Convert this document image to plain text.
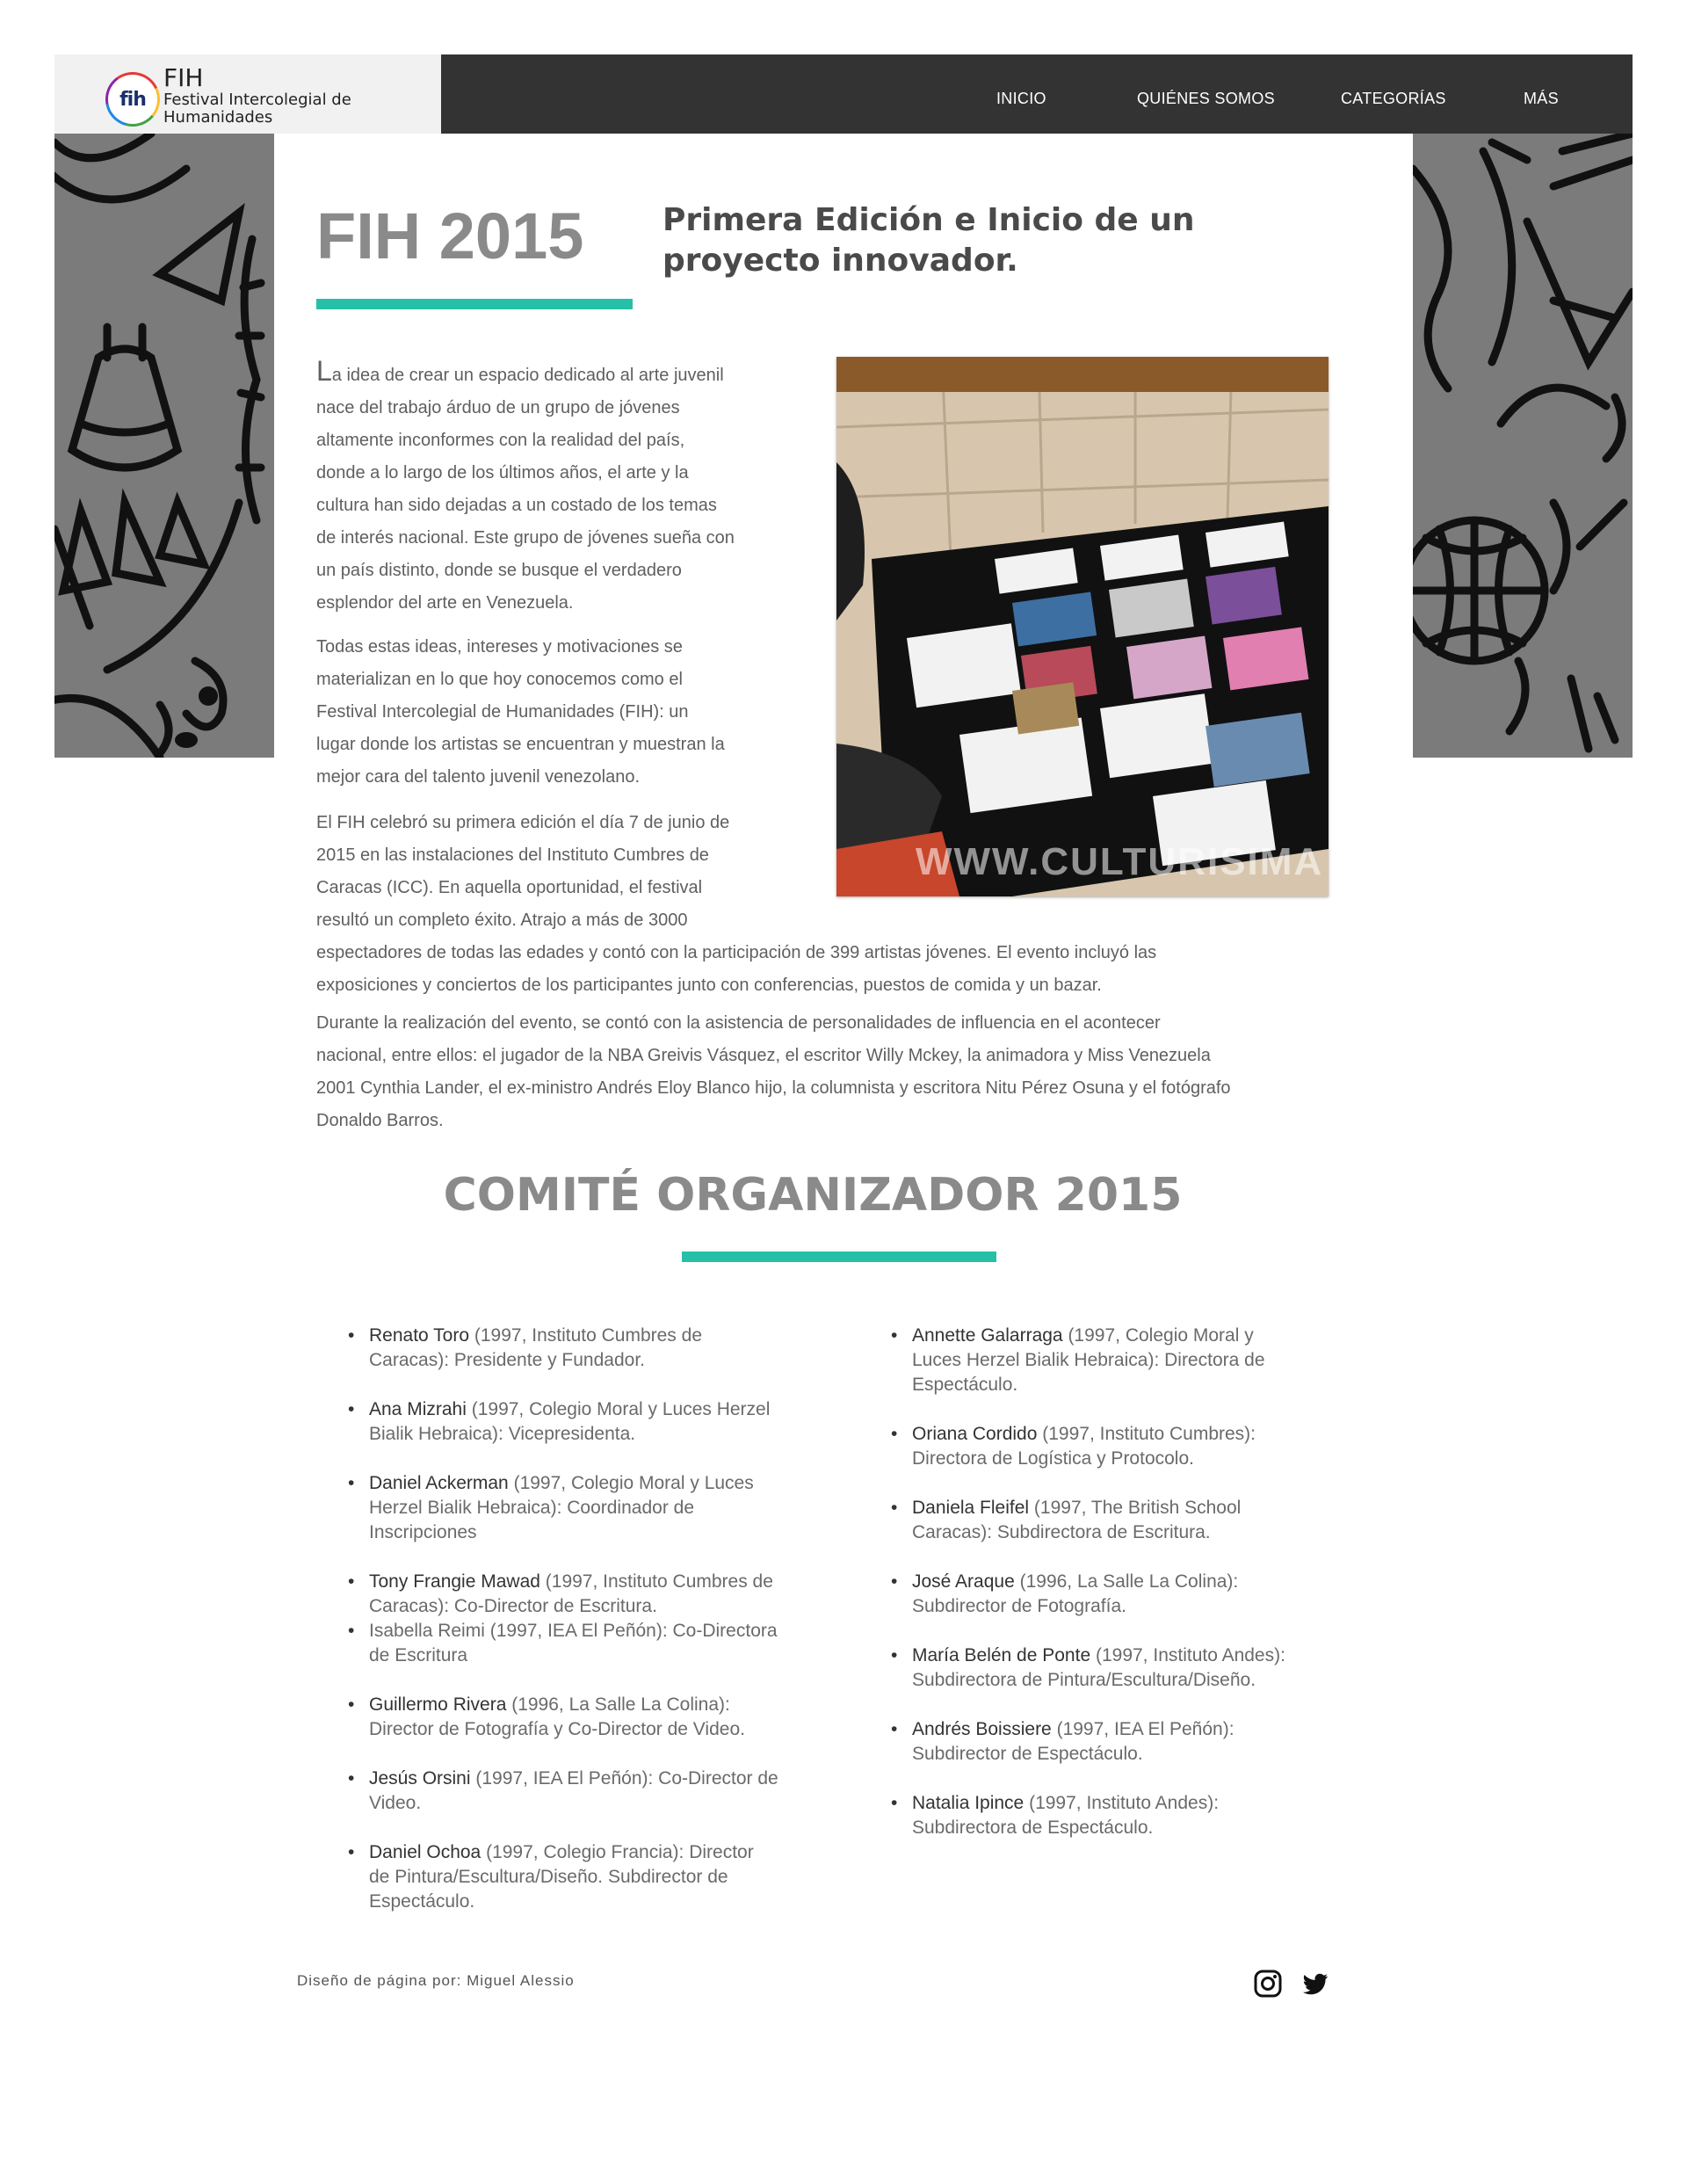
fih
FIH
Festival Intercolegial de Humanidades
INICIO	QUIÉNES SOMOS	CATEGORÍAS	MÁS
FIH 2015 Primera Edición e Inicio de un proyecto innovador.
La idea de crear un espacio dedicado al arte juvenil
nace del trabajo árduo de un grupo de jóvenes
altamente inconformes con la realidad del país,
donde a lo largo de los últimos años, el arte y la
cultura han sido dejadas a un costado de los temas
de interés nacional. Este grupo de jóvenes sueña con
un país distinto, donde se busque el verdadero
esplendor del arte en Venezuela.
Todas estas ideas, intereses y motivaciones se
materializan en lo que hoy conocemos como el
Festival Intercolegial de Humanidades (FIH): un
lugar donde los artistas se encuentran y muestran la
mejor cara del talento juvenil venezolano.
El FIH celebró su primera edición el día 7 de junio de
2015 en las instalaciones del Instituto Cumbres de
Caracas (ICC). En aquella oportunidad, el festival
resultó un completo éxito. Atrajo a más de 3000
espectadores de todas las edades y contó con la participación de 399 artistas jóvenes. El evento incluyó las
exposiciones y conciertos de los participantes junto con conferencias, puestos de comida y un bazar.
Durante la realización del evento, se contó con la asistencia de personalidades de influencia en el acontecer
nacional, entre ellos: el jugador de la NBA Greivis Vásquez, el escritor Willy Mckey, la animadora y Miss Venezuela
2001 Cynthia Lander, el ex-ministro Andrés Eloy Blanco hijo, la columnista y escritora Nitu Pérez Osuna y el fotógrafo
Donaldo Barros.
WWW.CULTURISIMA
COMITÉ ORGANIZADOR 2015
• Renato Toro (1997, Instituto Cumbres de
Caracas): Presidente y Fundador.
• Ana Mizrahi (1997, Colegio Moral y Luces Herzel
Bialik Hebraica): Vicepresidenta.
• Daniel Ackerman (1997, Colegio Moral y Luces
Herzel Bialik Hebraica): Coordinador de
Inscripciones
• Tony Frangie Mawad (1997, Instituto Cumbres de
Caracas): Co-Director de Escritura.
• Isabella Reimi (1997, IEA El Peñón): Co-Directora
de Escritura
• Guillermo Rivera (1996, La Salle La Colina):
Director de Fotografía y Co-Director de Video.
• Jesús Orsini (1997, IEA El Peñón): Co-Director de
Video.
• Daniel Ochoa (1997, Colegio Francia): Director
de Pintura/Escultura/Diseño. Subdirector de
Espectáculo.
• Annette Galarraga (1997, Colegio Moral y
Luces Herzel Bialik Hebraica): Directora de
Espectáculo.
• Oriana Cordido (1997, Instituto Cumbres):
Directora de Logística y Protocolo.
• Daniela Fleifel (1997, The British School
Caracas): Subdirectora de Escritura.
• José Araque (1996, La Salle La Colina):
Subdirector de Fotografía.
• María Belén de Ponte (1997, Instituto Andes):
Subdirectora de Pintura/Escultura/Diseño.
• Andrés Boissiere (1997, IEA El Peñón):
Subdirector de Espectáculo.
• Natalia Ipince (1997, Instituto Andes):
Subdirectora de Espectáculo.
Diseño de página por: Miguel Alessio
